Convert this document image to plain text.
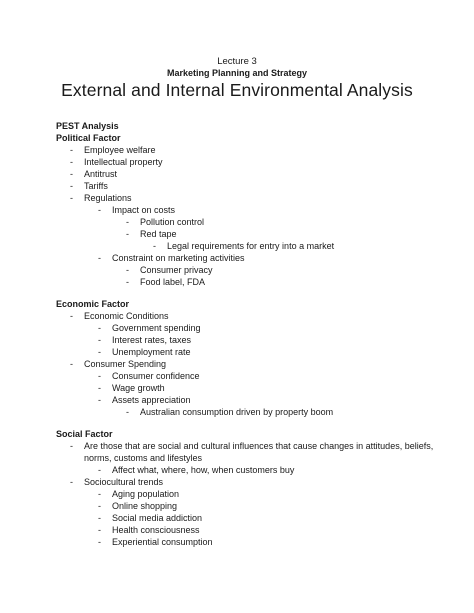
Lecture 3
Marketing Planning and Strategy
External and Internal Environmental Analysis
PEST Analysis
Political Factor
- Employee welfare
- Intellectual property
- Antitrust
- Tariffs
- Regulations
- Impact on costs
- Pollution control
- Red tape
- Legal requirements for entry into a market
- Constraint on marketing activities
- Consumer privacy
- Food label, FDA
Economic Factor
- Economic Conditions
- Government spending
- Interest rates, taxes
- Unemployment rate
- Consumer Spending
- Consumer confidence
- Wage growth
- Assets appreciation
- Australian consumption driven by property boom
Social Factor
- Are those that are social and cultural influences that cause changes in attitudes, beliefs,
norms, customs and lifestyles
- Affect what, where, how, when customers buy
- Sociocultural trends
- Aging population
- Online shopping
- Social media addiction
- Health consciousness
- Experiential consumption
